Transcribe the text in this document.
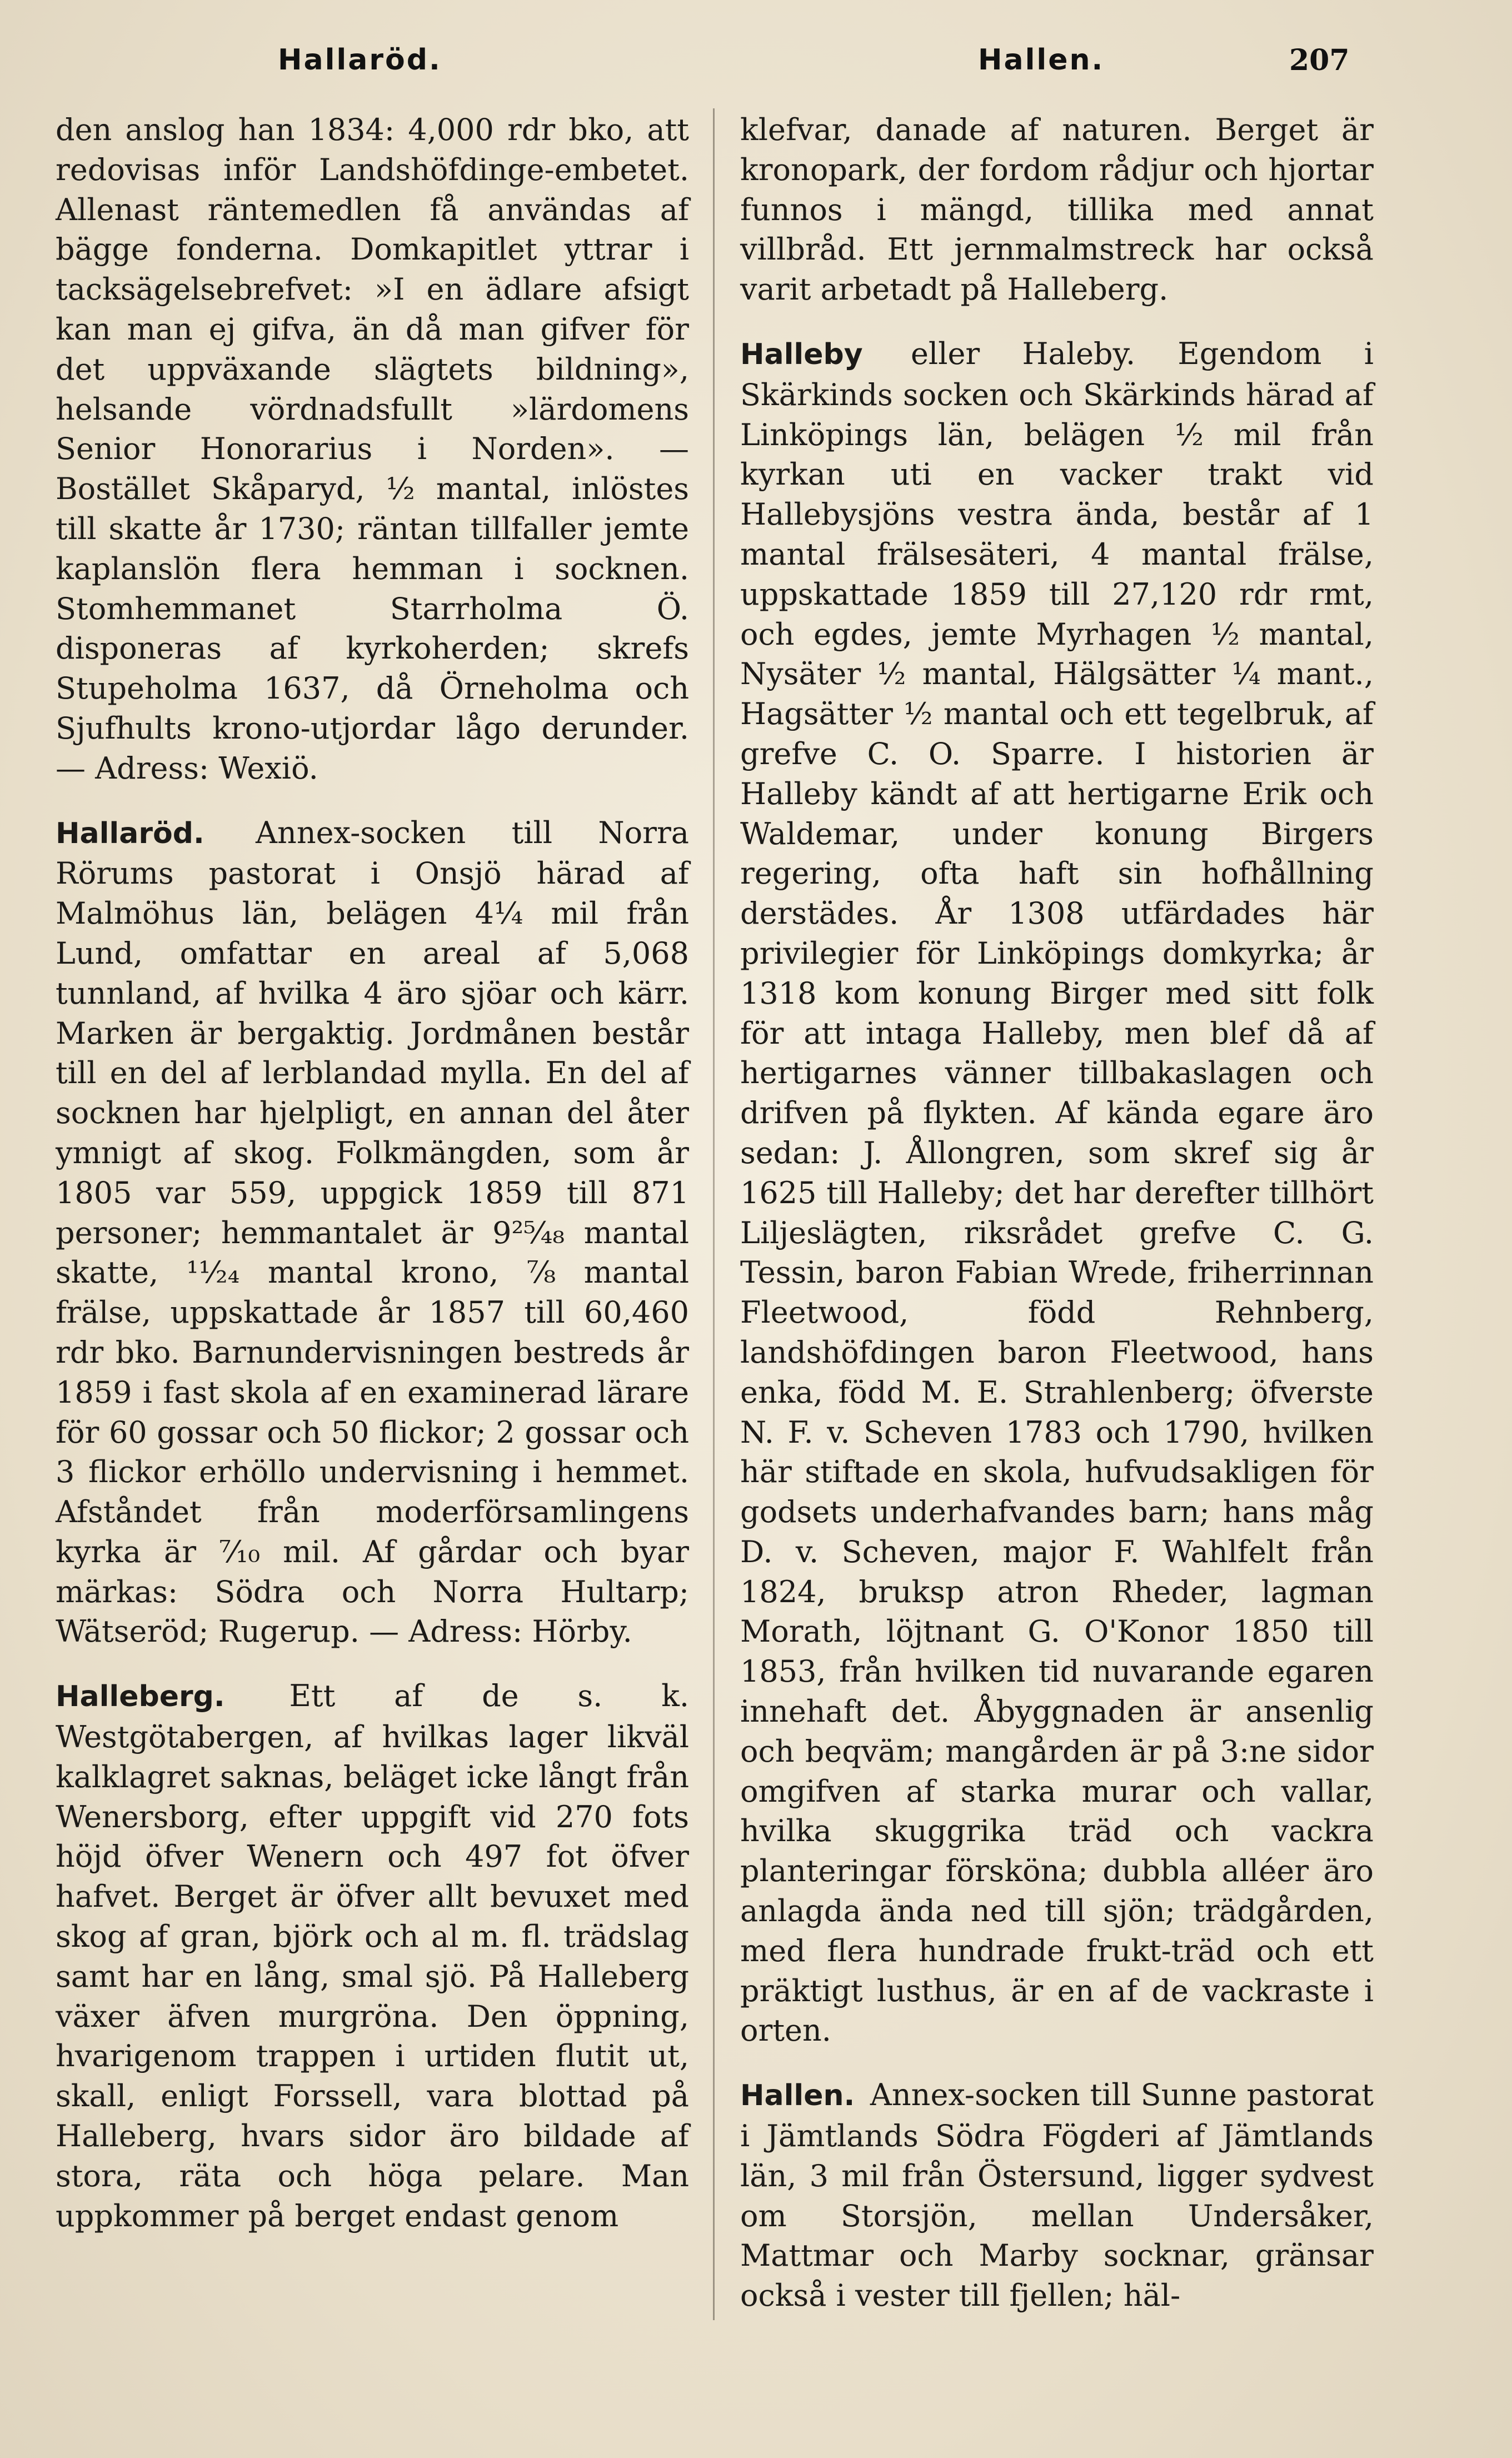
Hallaröd.	Hallen.	207

den anslog han 1834: 4,000 rdr bko, att redovisas inför Landshöfdinge-embetet. Allenast räntemedlen få användas af bägge fonderna. Domkapitlet yttrar i tacksägelsebrefvet: »I en ädlare afsigt kan man ej gifva, än då man gifver för det uppväxande slägtets bildning», helsande vördnadsfullt »lärdomens Senior Honorarius i Norden». — Bostället Skåparyd, ½ mantal, inlöstes till skatte år 1730; räntan tillfaller jemte kaplanslön flera hemman i socknen. Stomhemmanet Starrholma Ö. disponeras af kyrkoherden; skrefs Stupeholma 1637, då Örneholma och Sjufhults krono-utjordar lågo derunder. — Adress: Wexiö.

Hallaröd. Annex-socken till Norra Rörums pastorat i Onsjö härad af Malmöhus län, belägen 4¼ mil från Lund, omfattar en areal af 5,068 tunnland, af hvilka 4 äro sjöar och kärr. Marken är bergaktig. Jordmånen består till en del af lerblandad mylla. En del af socknen har hjelpligt, en annan del åter ymnigt af skog. Folkmängden, som år 1805 var 559, uppgick 1859 till 871 personer; hemmantalet är 9²⁵⁄₄₈ mantal skatte, ¹¹⁄₂₄ mantal krono, ⁷⁄₈ mantal frälse, uppskattade år 1857 till 60,460 rdr bko. Barnundervisningen bestreds år 1859 i fast skola af en examinerad lärare för 60 gossar och 50 flickor; 2 gossar och 3 flickor erhöllo undervisning i hemmet. Afståndet från moderförsamlingens kyrka är ⁷⁄₁₀ mil. Af gårdar och byar märkas: Södra och Norra Hultarp; Wätseröd; Rugerup. — Adress: Hörby.

Halleberg. Ett af de s. k. Westgötabergen, af hvilkas lager likväl kalklagret saknas, beläget icke långt från Wenersborg, efter uppgift vid 270 fots höjd öfver Wenern och 497 fot öfver hafvet. Berget är öfver allt bevuxet med skog af gran, björk och al m. fl. trädslag samt har en lång, smal sjö. På Halleberg växer äfven murgröna. Den öppning, hvarigenom trappen i urtiden flutit ut, skall, enligt Forssell, vara blottad på Halleberg, hvars sidor äro bildade af stora, räta och höga pelare. Man uppkommer på berget endast genom

klefvar, danade af naturen. Berget är kronopark, der fordom rådjur och hjortar funnos i mängd, tillika med annat villbråd. Ett jernmalmstreck har också varit arbetadt på Halleberg.

Halleby eller Haleby. Egendom i Skärkinds socken och Skärkinds härad af Linköpings län, belägen ½ mil från kyrkan uti en vacker trakt vid Hallebysjöns vestra ända, består af 1 mantal frälsesäteri, 4 mantal frälse, uppskattade 1859 till 27,120 rdr rmt, och egdes, jemte Myrhagen ½ mantal, Nysäter ½ mantal, Hälgsätter ¼ mant., Hagsätter ½ mantal och ett tegelbruk, af grefve C. O. Sparre. I historien är Halleby kändt af att hertigarne Erik och Waldemar, under konung Birgers regering, ofta haft sin hofhållning derstädes. År 1308 utfärdades här privilegier för Linköpings domkyrka; år 1318 kom konung Birger med sitt folk för att intaga Halleby, men blef då af hertigarnes vänner tillbakaslagen och drifven på flykten. Af kända egare äro sedan: J. Ållongren, som skref sig år 1625 till Halleby; det har derefter tillhört Liljeslägten, riksrådet grefve C. G. Tessin, baron Fabian Wrede, friherrinnan Fleetwood, född Rehnberg, landshöfdingen baron Fleetwood, hans enka, född M. E. Strahlenberg; öfverste N. F. v. Scheven 1783 och 1790, hvilken här stiftade en skola, hufvudsakligen för godsets underhafvandes barn; hans måg D. v. Scheven, major F. Wahlfelt från 1824, bruksp atron Rheder, lagman Morath, löjtnant G. O'Konor 1850 till 1853, från hvilken tid nuvarande egaren innehaft det. Åbyggnaden är ansenlig och beqväm; mangården är på 3:ne sidor omgifven af starka murar och vallar, hvilka skuggrika träd och vackra planteringar försköna; dubbla alléer äro anlagda ända ned till sjön; trädgården, med flera hundrade frukt-träd och ett präktigt lusthus, är en af de vackraste i orten.

Hallen. Annex-socken till Sunne pastorat i Jämtlands Södra Fögderi af Jämtlands län, 3 mil från Östersund, ligger sydvest om Storsjön, mellan Undersåker, Mattmar och Marby socknar, gränsar också i vester till fjellen; häl-
